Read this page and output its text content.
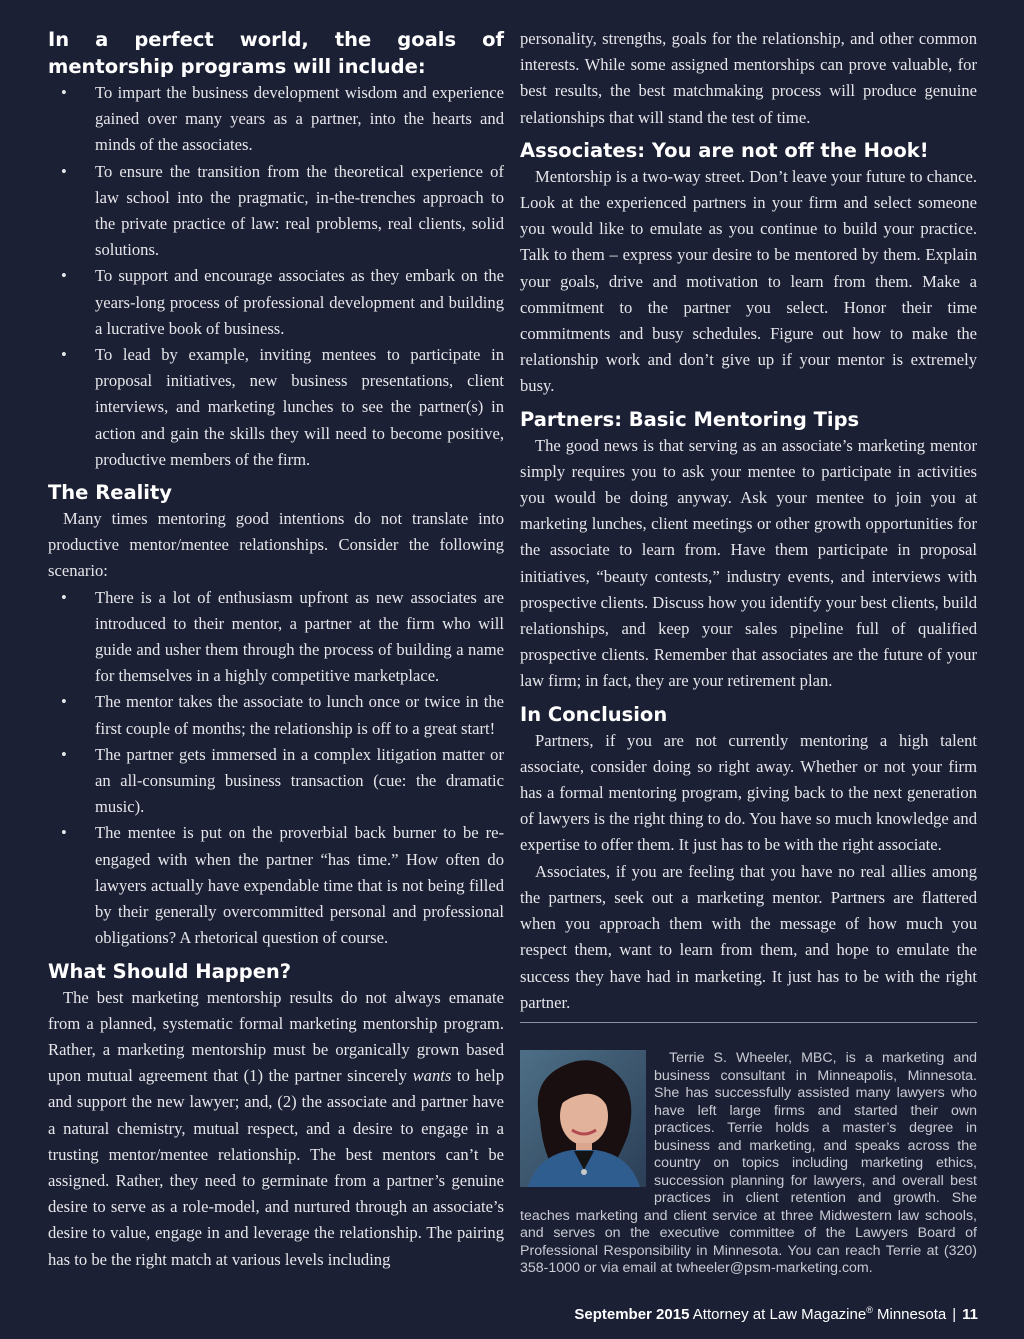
In a perfect world, the goals of mentorship programs will include:
• To impart the business development wisdom and experience gained over many years as a partner, into the hearts and minds of the associates.
• To ensure the transition from the theoretical experience of law school into the pragmatic, in-the-trenches approach to the private practice of law: real problems, real clients, solid solutions.
• To support and encourage associates as they embark on the years-long process of professional development and building a lucrative book of business.
• To lead by example, inviting mentees to participate in proposal initiatives, new business presentations, client interviews, and marketing lunches to see the partner(s) in action and gain the skills they will need to become positive, productive members of the firm.
The Reality

Many times mentoring good intentions do not translate into productive mentor/mentee relationships. Consider the following scenario:

• There is a lot of enthusiasm upfront as new associates are introduced to their mentor, a partner at the firm who will guide and usher them through the process of building a name for themselves in a highly competitive marketplace.
• The mentor takes the associate to lunch once or twice in the first couple of months; the relationship is off to a great start!
• The partner gets immersed in a complex litigation matter or an all-consuming business transaction (cue: the dramatic music).
• The mentee is put on the proverbial back burner to be re-engaged with when the partner “has time.” How often do lawyers actually have expendable time that is not being filled by their generally overcommitted personal and professional obligations? A rhetorical question of course.
What Should Happen?

The best marketing mentorship results do not always emanate from a planned, systematic formal marketing mentorship program. Rather, a marketing mentorship must be organically grown based upon mutual agreement that (1) the partner sincerely wants to help and support the new lawyer; and, (2) the associate and partner have a natural chemistry, mutual respect, and a desire to engage in a trusting mentor/mentee relationship. The best mentors can’t be assigned. Rather, they need to germinate from a partner’s genuine desire to serve as a role-model, and nurtured through an associate’s desire to value, engage in and leverage the relationship. The pairing has to be the right match at various levels including

personality, strengths, goals for the relationship, and other common interests. While some assigned mentorships can prove valuable, for best results, the best matchmaking process will produce genuine relationships that will stand the test of time.

Associates: You are not off the Hook!

Mentorship is a two-way street. Don’t leave your future to chance. Look at the experienced partners in your firm and select someone you would like to emulate as you continue to build your practice. Talk to them – express your desire to be mentored by them. Explain your goals, drive and motivation to learn from them. Make a commitment to the partner you select. Honor their time commitments and busy schedules. Figure out how to make the relationship work and don’t give up if your mentor is extremely busy.

Partners: Basic Mentoring Tips

The good news is that serving as an associate’s marketing mentor simply requires you to ask your mentee to participate in activities you would be doing anyway. Ask your mentee to join you at marketing lunches, client meetings or other growth opportunities for the associate to learn from. Have them participate in proposal initiatives, “beauty contests,” industry events, and interviews with prospective clients. Discuss how you identify your best clients, build relationships, and keep your sales pipeline full of qualified prospective clients. Remember that associates are the future of your law firm; in fact, they are your retirement plan.

In Conclusion

Partners, if you are not currently mentoring a high talent associate, consider doing so right away. Whether or not your firm has a formal mentoring program, giving back to the next generation of lawyers is the right thing to do. You have so much knowledge and expertise to offer them. It just has to be with the right associate.

Associates, if you are feeling that you have no real allies among the partners, seek out a marketing mentor. Partners are flattered when you approach them with the message of how much you respect them, want to learn from them, and hope to emulate the success they have had in marketing. It just has to be with the right partner.

Terrie S. Wheeler, MBC, is a marketing and business consultant in Minneapolis, Minnesota. She has successfully assisted many lawyers who have left large firms and started their own practices. Terrie holds a master’s degree in business and marketing, and speaks across the country on topics including marketing ethics, succession planning for lawyers, and overall best practices in client retention and growth. She teaches marketing and client service at three Midwestern law schools, and serves on the executive committee of the Lawyers Board of Professional Responsibility in Minnesota. You can reach Terrie at (320) 358-1000 or via email at twheeler@psm-marketing.com.

September 2015 Attorney at Law Magazine® Minnesota | 11
